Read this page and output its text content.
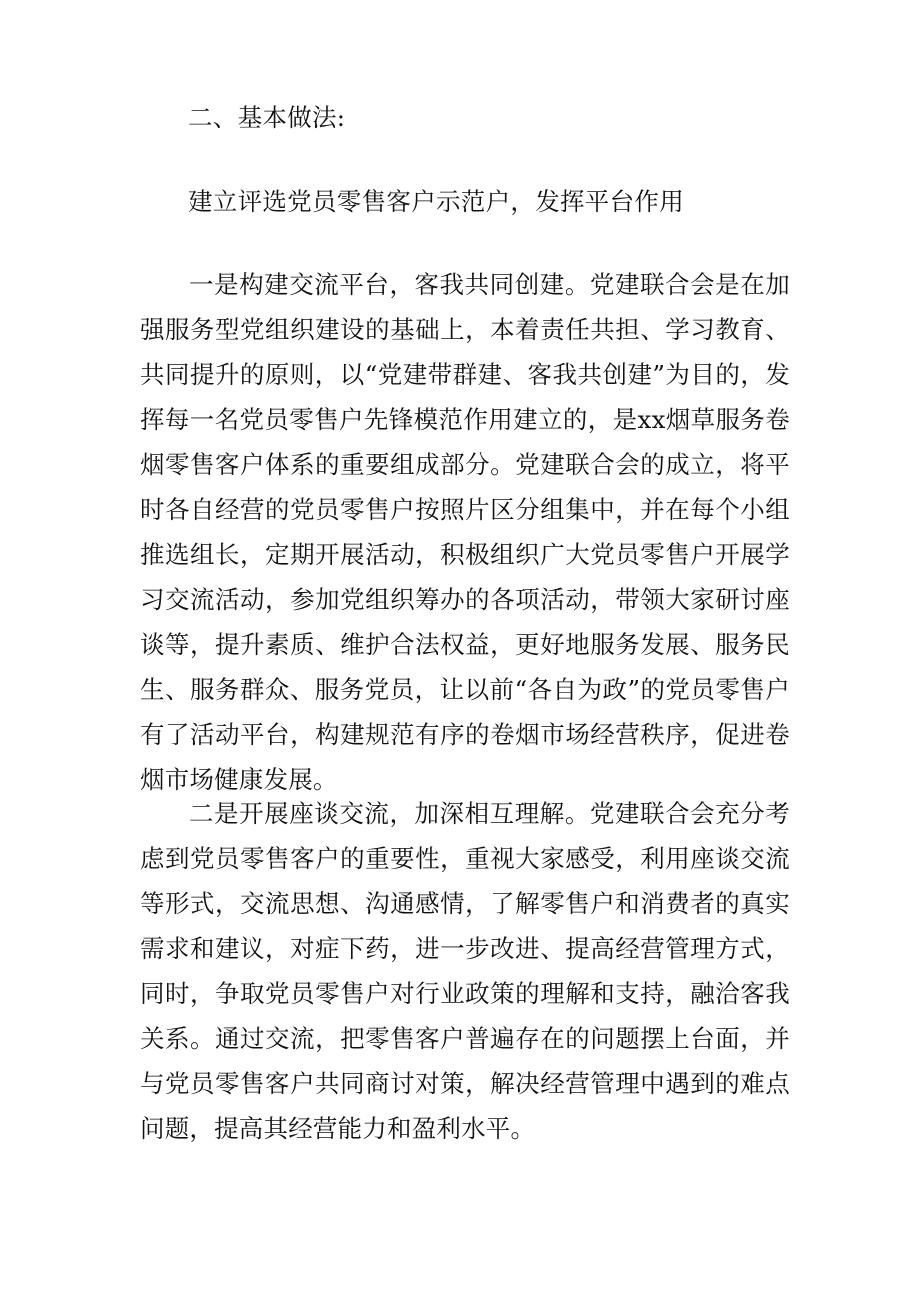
二、基本做法:
建立评选党员零售客户示范户，发挥平台作用

一是构建交流平台，客我共同创建。党建联合会是在加强服务型党组织建设的基础上，本着责任共担、学习教育、共同提升的原则，以“党建带群建、客我共创建”为目的，发挥每一名党员零售户先锋模范作用建立的，是xx烟草服务卷烟零售客户体系的重要组成部分。党建联合会的成立，将平时各自经营的党员零售户按照片区分组集中，并在每个小组推选组长，定期开展活动，积极组织广大党员零售户开展学习交流活动，参加党组织筹办的各项活动，带领大家研讨座谈等，提升素质、维护合法权益，更好地服务发展、服务民生、服务群众、服务党员，让以前“各自为政”的党员零售户有了活动平台，构建规范有序的卷烟市场经营秩序，促进卷烟市场健康发展。

二是开展座谈交流，加深相互理解。党建联合会充分考虑到党员零售客户的重要性，重视大家感受，利用座谈交流等形式，交流思想、沟通感情，了解零售户和消费者的真实需求和建议，对症下药，进一步改进、提高经营管理方式，同时，争取党员零售户对行业政策的理解和支持，融洽客我关系。通过交流，把零售客户普遍存在的问题摆上台面，并与党员零售客户共同商讨对策，解决经营管理中遇到的难点问题，提高其经营能力和盈利水平。
